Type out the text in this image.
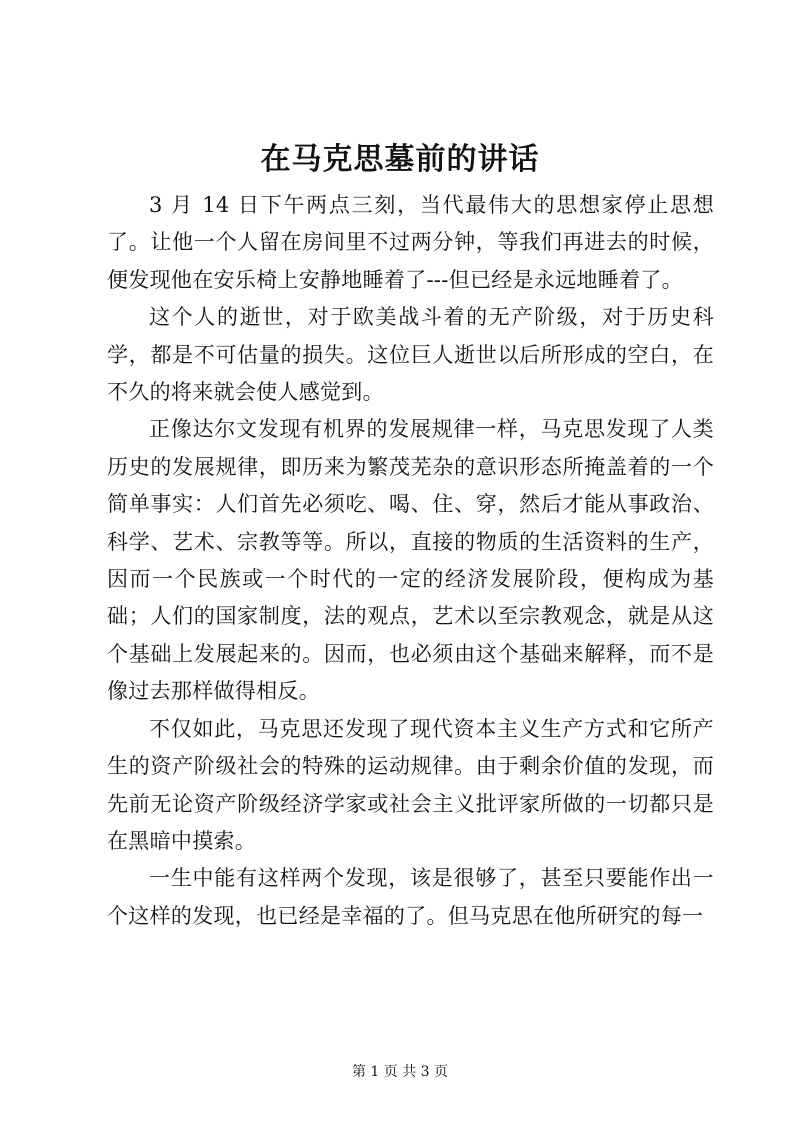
在马克思墓前的讲话

3 月 14 日下午两点三刻，当代最伟大的思想家停止思想了。让他一个人留在房间里不过两分钟，等我们再进去的时候，便发现他在安乐椅上安静地睡着了---但已经是永远地睡着了。

这个人的逝世，对于欧美战斗着的无产阶级，对于历史科学，都是不可估量的损失。这位巨人逝世以后所形成的空白，在不久的将来就会使人感觉到。

正像达尔文发现有机界的发展规律一样，马克思发现了人类历史的发展规律，即历来为繁茂芜杂的意识形态所掩盖着的一个简单事实：人们首先必须吃、喝、住、穿，然后才能从事政治、科学、艺术、宗教等等。所以，直接的物质的生活资料的生产，因而一个民族或一个时代的一定的经济发展阶段，便构成为基础；人们的国家制度，法的观点，艺术以至宗教观念，就是从这个基础上发展起来的。因而，也必须由这个基础来解释，而不是像过去那样做得相反。

不仅如此，马克思还发现了现代资本主义生产方式和它所产生的资产阶级社会的特殊的运动规律。由于剩余价值的发现，而先前无论资产阶级经济学家或社会主义批评家所做的一切都只是在黑暗中摸索。

一生中能有这样两个发现，该是很够了，甚至只要能作出一个这样的发现，也已经是幸福的了。但马克思在他所研究的每一

第 1 页 共 3 页
